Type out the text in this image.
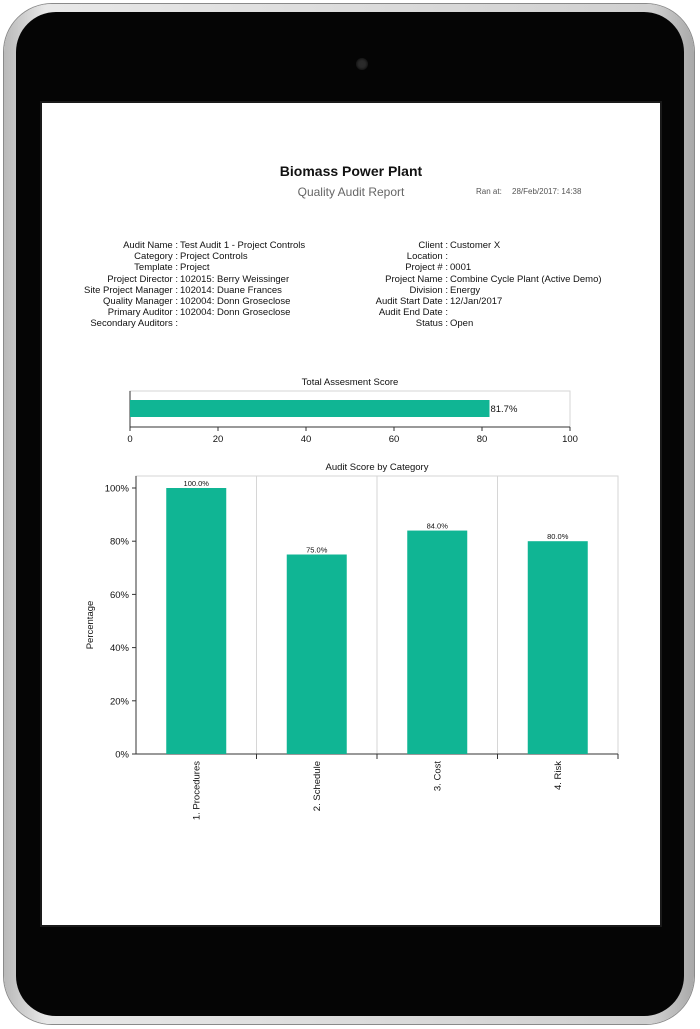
Biomass Power Plant
Quality Audit Report	Ran at: 28/Feb/2017: 14:38
Audit Name : Test Audit 1 - Project Controls
Category : Project Controls
Template : Project
Project Director : 102015: Berry Weissinger
Site Project Manager : 102014: Duane Frances
Quality Manager : 102004: Donn Groseclose
Primary Auditor : 102004: Donn Groseclose
Secondary Auditors :
Client : Customer X
Location :
Project # : 0001
Project Name : Combine Cycle Plant (Active Demo)
Division : Energy
Audit Start Date : 12/Jan/2017
Audit End Date :
Status : Open
Total Assesment Score
81.7%
0	20	40	60	80	100
Audit Score by Category
0%
20%
40%
60%
80%
100%
Percentage
100.0%
1. Procedures
75.0%
2. Schedule
84.0%
3. Cost
80.0%
4. Risk
